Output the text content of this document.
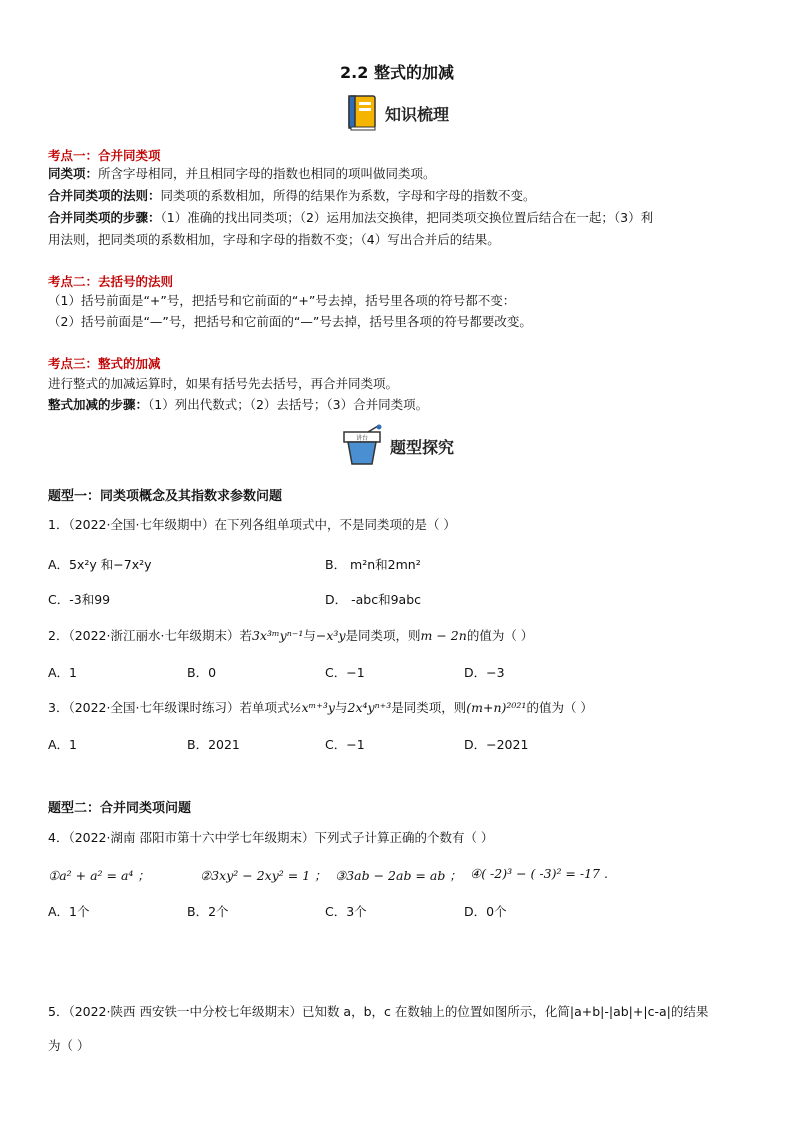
2.2 整式的加减
知识梳理
考点一：合并同类项
同类项：所含字母相同，并且相同字母的指数也相同的项叫做同类项。
合并同类项的法则：同类项的系数相加，所得的结果作为系数，字母和字母的指数不变。
合并同类项的步骤：（1）准确的找出同类项；（2）运用加法交换律，把同类项交换位置后结合在一起；（3）利
用法则，把同类项的系数相加，字母和字母的指数不变；（4）写出合并后的结果。
考点二：去括号的法则
（1）括号前面是“+”号，把括号和它前面的“+”号去掉，括号里各项的符号都不变：
（2）括号前面是“—”号，把括号和它前面的“—”号去掉，括号里各项的符号都要改变。
考点三：整式的加减
进行整式的加减运算时，如果有括号先去括号，再合并同类项。
整式加减的步骤：（1）列出代数式；（2）去括号；（3）合并同类项。
讲台 题型探究
题型一：同类项概念及其指数求参数问题
1．（2022·全国·七年级期中）在下列各组单项式中，不是同类项的是（ ）
A．5x²y 和−7x²y	B． m²n和2mn²
C．-3和99	D． -abc和9abc
2．（2022·浙江丽水·七年级期末）若3x³ᵐyⁿ⁻¹与−x³y是同类项，则m − 2n的值为（ ）
A．1	B．0	C．−1	D．−3
3．（2022·全国·七年级课时练习）若单项式½xᵐ⁺³y与2x⁴yⁿ⁺³是同类项，则(m+n)²⁰²¹的值为（ ）
A．1	B．2021	C．−1	D．−2021
题型二：合并同类项问题
4．（2022·湖南 邵阳市第十六中学七年级期末）下列式子计算正确的个数有（ ）
①a² + a² = a⁴ ；	②3xy² − 2xy² = 1 ； ③3ab − 2ab = ab ； ④( -2)³ − ( -3)² = -17 .
A．1个	B．2个	C．3个	D．0个
5．（2022·陕西 西安铁一中分校七年级期末）已知数 a，b，c 在数轴上的位置如图所示，化简|a+b|-|ab|+|c-a|的结果
为（ ）
